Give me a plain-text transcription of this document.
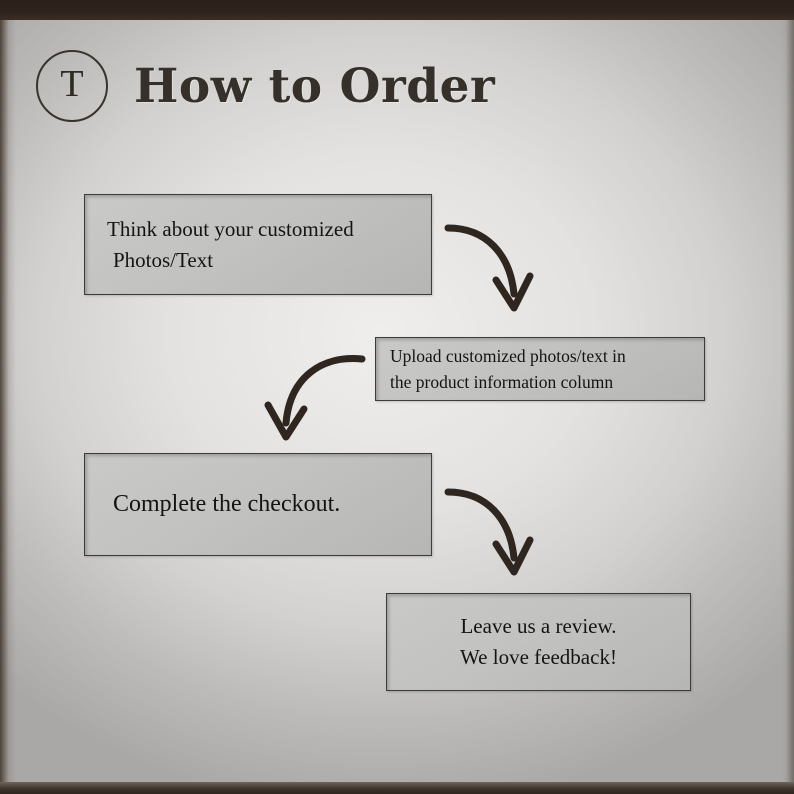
T How to Order
Think about your customized
Photos/Text
Upload customized photos/text in
the product information column
Complete the checkout.
Leave us a review.
We love feedback!
